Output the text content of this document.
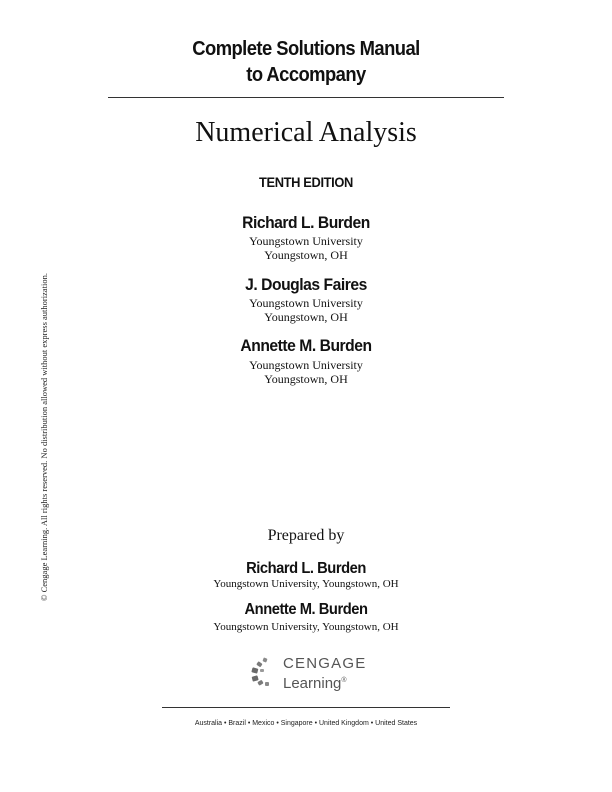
Complete Solutions Manual
to Accompany
Numerical Analysis
TENTH EDITION
Richard L. Burden
Youngstown University
Youngstown, OH
J. Douglas Faires
Youngstown University
Youngstown, OH
Annette M. Burden
Youngstown University
Youngstown, OH
Prepared by
Richard L. Burden
Youngstown University, Youngstown, OH
Annette M. Burden
Youngstown University, Youngstown, OH
CENGAGE
Learning®
Australia • Brazil • Mexico • Singapore • United Kingdom • United States
© Cengage Learning. All rights reserved. No distribution allowed without express authorization.
